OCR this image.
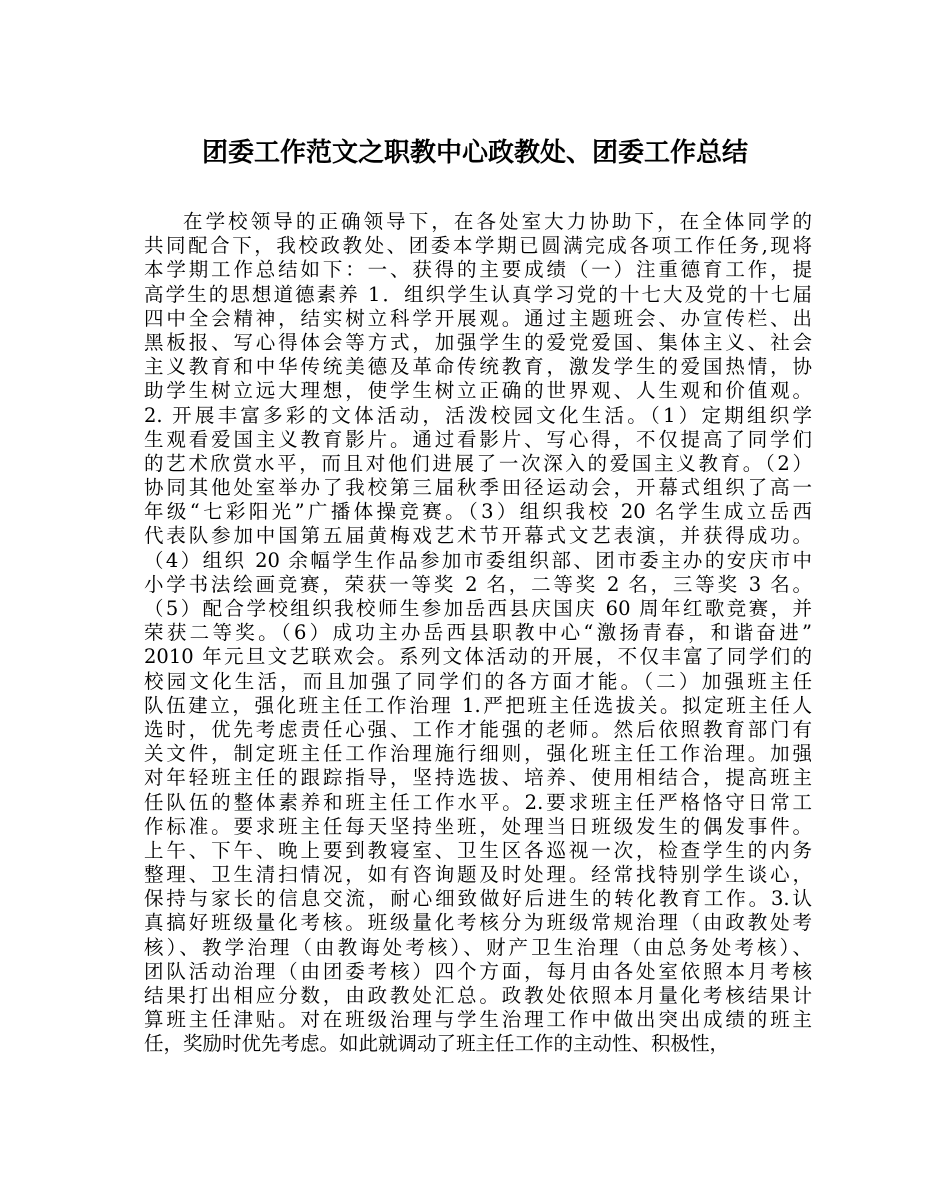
团委工作范文之职教中心政教处、团委工作总结
在学校领导的正确领导下，在各处室大力协助下，在全体同学的
共同配合下，我校政教处、团委本学期已圆满完成各项工作任务,现将
本学期工作总结如下：一、获得的主要成绩（一）注重德育工作，提
高学生的思想道德素养 1．组织学生认真学习党的十七大及党的十七届
四中全会精神，结实树立科学开展观。通过主题班会、办宣传栏、出
黑板报、写心得体会等方式，加强学生的爱党爱国、集体主义、社会
主义教育和中华传统美德及革命传统教育，激发学生的爱国热情，协
助学生树立远大理想，使学生树立正确的世界观、人生观和价值观。
2. 开展丰富多彩的文体活动，活泼校园文化生活。（1）定期组织学
生观看爱国主义教育影片。通过看影片、写心得，不仅提高了同学们
的艺术欣赏水平，而且对他们进展了一次深入的爱国主义教育。（2）
协同其他处室举办了我校第三届秋季田径运动会，开幕式组织了高一
年级“七彩阳光”广播体操竞赛。（3）组织我校 20 名学生成立岳西
代表队参加中国第五届黄梅戏艺术节开幕式文艺表演，并获得成功。
（4）组织 20 余幅学生作品参加市委组织部、团市委主办的安庆市中
小学书法绘画竞赛，荣获一等奖 2 名，二等奖 2 名，三等奖 3 名。
（5）配合学校组织我校师生参加岳西县庆国庆 60 周年红歌竞赛，并
荣获二等奖。（6）成功主办岳西县职教中心“激扬青春，和谐奋进”
2010 年元旦文艺联欢会。系列文体活动的开展，不仅丰富了同学们的
校园文化生活，而且加强了同学们的各方面才能。（二）加强班主任
队伍建立，强化班主任工作治理 1.严把班主任选拔关。拟定班主任人
选时，优先考虑责任心强、工作才能强的老师。然后依照教育部门有
关文件，制定班主任工作治理施行细则，强化班主任工作治理。加强
对年轻班主任的跟踪指导，坚持选拔、培养、使用相结合，提高班主
任队伍的整体素养和班主任工作水平。2.要求班主任严格恪守日常工
作标准。要求班主任每天坚持坐班，处理当日班级发生的偶发事件。
上午、下午、晚上要到教寝室、卫生区各巡视一次，检查学生的内务
整理、卫生清扫情况，如有咨询题及时处理。经常找特别学生谈心，
保持与家长的信息交流，耐心细致做好后进生的转化教育工作。3.认
真搞好班级量化考核。班级量化考核分为班级常规治理（由政教处考
核）、教学治理（由教诲处考核）、财产卫生治理（由总务处考核）、
团队活动治理（由团委考核）四个方面，每月由各处室依照本月考核
结果打出相应分数，由政教处汇总。政教处依照本月量化考核结果计
算班主任津贴。对在班级治理与学生治理工作中做出突出成绩的班主
任，奖励时优先考虑。如此就调动了班主任工作的主动性、积极性，
